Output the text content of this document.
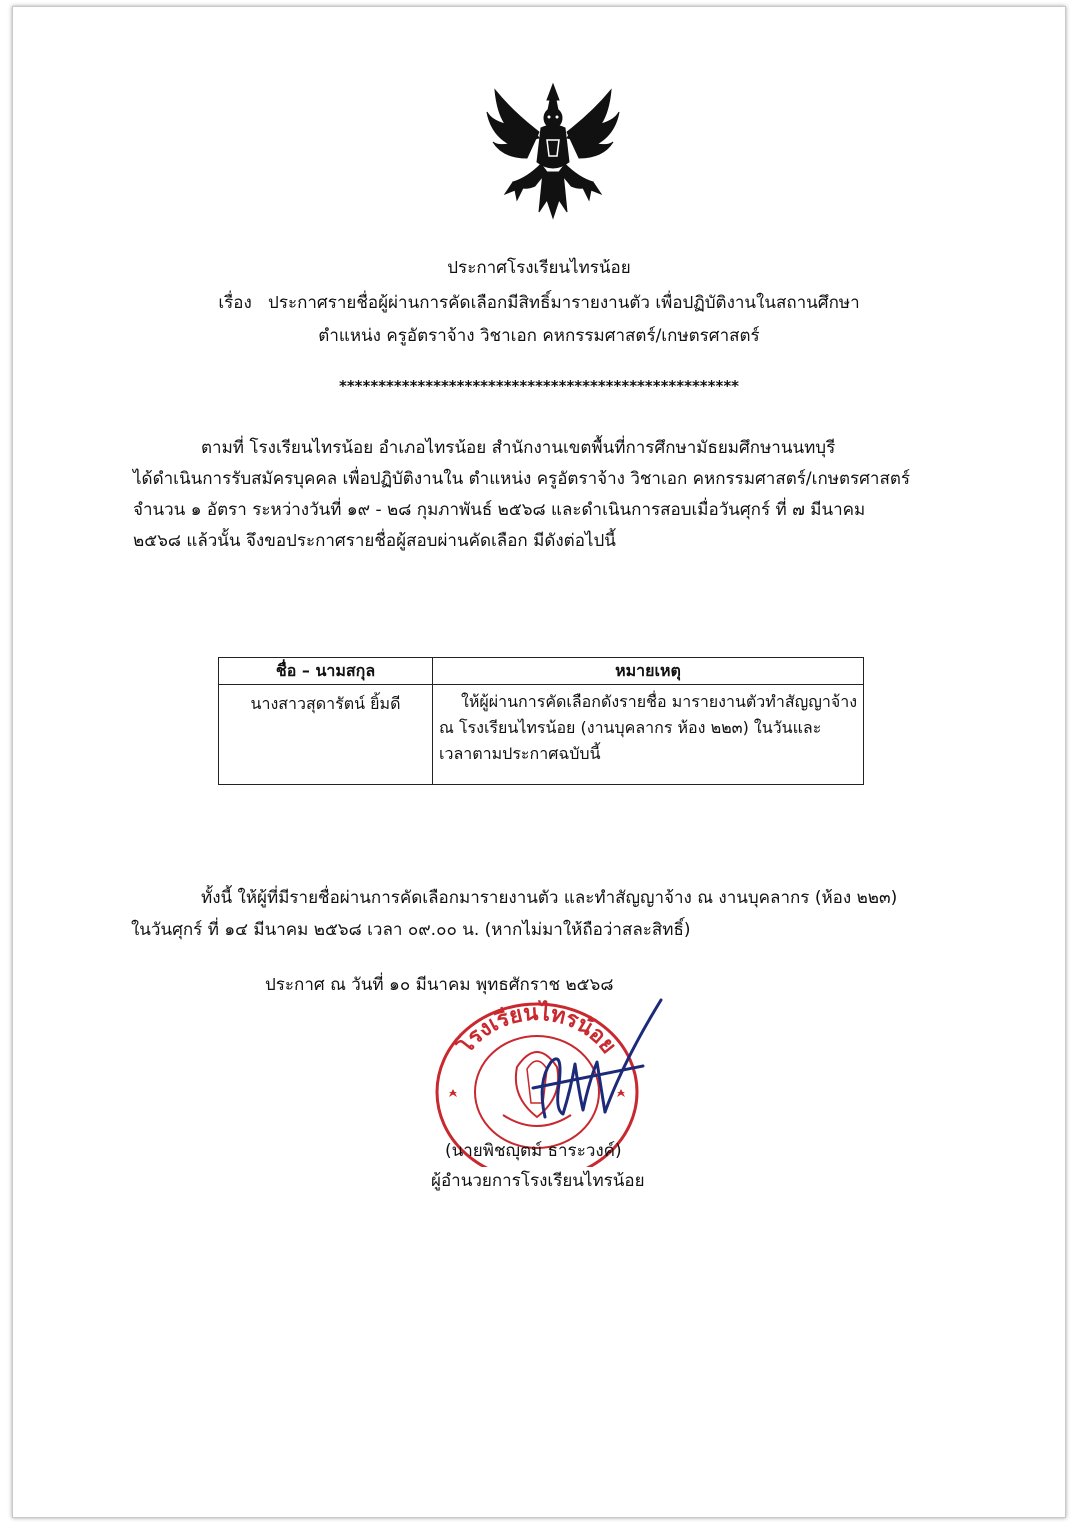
ประกาศโรงเรียนไทรน้อย
เรื่อง ประกาศรายชื่อผู้ผ่านการคัดเลือกมีสิทธิ์มารายงานตัว เพื่อปฏิบัติงานในสถานศึกษา
ตำแหน่ง ครูอัตราจ้าง วิชาเอก คหกรรมศาสตร์/เกษตรศาสตร์
***************************************************
ตามที่ โรงเรียนไทรน้อย อำเภอไทรน้อย สำนักงานเขตพื้นที่การศึกษามัธยมศึกษานนทบุรี
ได้ดำเนินการรับสมัครบุคคล เพื่อปฏิบัติงานใน ตำแหน่ง ครูอัตราจ้าง วิชาเอก คหกรรมศาสตร์/เกษตรศาสตร์
จำนวน ๑ อัตรา ระหว่างวันที่ ๑๙ - ๒๘ กุมภาพันธ์ ๒๕๖๘ และดำเนินการสอบเมื่อวันศุกร์ ที่ ๗ มีนาคม
๒๕๖๘ แล้วนั้น จึงขอประกาศรายชื่อผู้สอบผ่านคัดเลือก มีดังต่อไปนี้
ชื่อ – นามสกุล	หมายเหตุ
นางสาวสุดารัตน์ ยิ้มดี	ให้ผู้ผ่านการคัดเลือกดังรายชื่อ มารายงานตัวทำสัญญาจ้าง
ณ โรงเรียนไทรน้อย (งานบุคลากร ห้อง ๒๒๓) ในวันและ
เวลาตามประกาศฉบับนี้
ทั้งนี้ ให้ผู้ที่มีรายชื่อผ่านการคัดเลือกมารายงานตัว และทำสัญญาจ้าง ณ งานบุคลากร (ห้อง ๒๒๓)
ในวันศุกร์ ที่ ๑๔ มีนาคม ๒๕๖๘ เวลา ๐๙.๐๐ น. (หากไม่มาให้ถือว่าสละสิทธิ์)
ประกาศ ณ วันที่ ๑๐ มีนาคม พุทธศักราช ๒๕๖๘
โรงเรียนไทรน้อย
(นายพิชญุตม์ ธาระวงค์)
ผู้อำนวยการโรงเรียนไทรน้อย
